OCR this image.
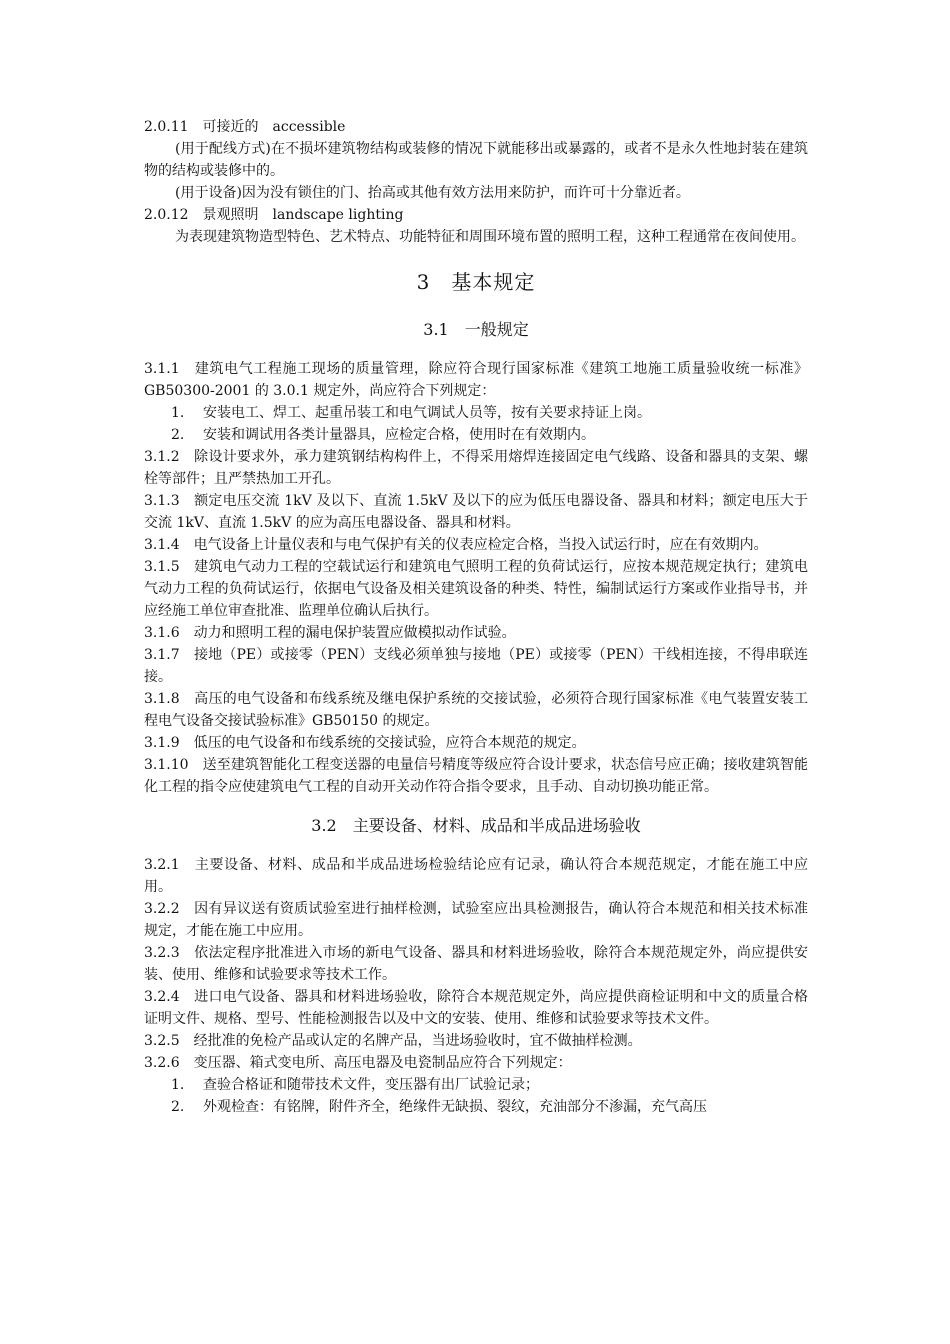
2.0.11　可接近的　accessible

(用于配线方式)在不损坏建筑物结构或装修的情况下就能移出或暴露的，或者不是永久性地封装在建筑物的结构或装修中的。

(用于设备)因为没有锁住的门、抬高或其他有效方法用来防护，而许可十分靠近者。

2.0.12　景观照明　landscape lighting

为表现建筑物造型特色、艺术特点、功能特征和周围环境布置的照明工程，这种工程通常在夜间使用。

3　基本规定
3.1　一般规定

3.1.1　建筑电气工程施工现场的质量管理，除应符合现行国家标准《建筑工地施工质量验收统一标准》GB50300-2001 的 3.0.1 规定外，尚应符合下列规定：

1. 安装电工、焊工、起重吊装工和电气调试人员等，按有关要求持证上岗。

2. 安装和调试用各类计量器具，应检定合格，使用时在有效期内。

3.1.2　除设计要求外，承力建筑钢结构构件上，不得采用熔焊连接固定电气线路、设备和器具的支架、螺栓等部件；且严禁热加工开孔。

3.1.3　额定电压交流 1kV 及以下、直流 1.5kV 及以下的应为低压电器设备、器具和材料；额定电压大于交流 1kV、直流 1.5kV 的应为高压电器设备、器具和材料。

3.1.4　电气设备上计量仪表和与电气保护有关的仪表应检定合格，当投入试运行时，应在有效期内。

3.1.5　建筑电气动力工程的空载试运行和建筑电气照明工程的负荷试运行，应按本规范规定执行；建筑电气动力工程的负荷试运行，依据电气设备及相关建筑设备的种类、特性，编制试运行方案或作业指导书，并应经施工单位审查批准、监理单位确认后执行。

3.1.6　动力和照明工程的漏电保护装置应做模拟动作试验。

3.1.7　接地（PE）或接零（PEN）支线必须单独与接地（PE）或接零（PEN）干线相连接，不得串联连接。

3.1.8　高压的电气设备和布线系统及继电保护系统的交接试验，必须符合现行国家标准《电气装置安装工程电气设备交接试验标准》GB50150 的规定。

3.1.9　低压的电气设备和布线系统的交接试验，应符合本规范的规定。

3.1.10　送至建筑智能化工程变送器的电量信号精度等级应符合设计要求，状态信号应正确；接收建筑智能化工程的指令应使建筑电气工程的自动开关动作符合指令要求，且手动、自动切换功能正常。

3.2　主要设备、材料、成品和半成品进场验收

3.2.1　主要设备、材料、成品和半成品进场检验结论应有记录，确认符合本规范规定，才能在施工中应用。

3.2.2　因有异议送有资质试验室进行抽样检测，试验室应出具检测报告，确认符合本规范和相关技术标准规定，才能在施工中应用。

3.2.3　依法定程序批准进入市场的新电气设备、器具和材料进场验收，除符合本规范规定外，尚应提供安装、使用、维修和试验要求等技术工作。

3.2.4　进口电气设备、器具和材料进场验收，除符合本规范规定外，尚应提供商检证明和中文的质量合格证明文件、规格、型号、性能检测报告以及中文的安装、使用、维修和试验要求等技术文件。

3.2.5　经批准的免检产品或认定的名牌产品，当进场验收时，宜不做抽样检测。

3.2.6　变压器、箱式变电所、高压电器及电瓷制品应符合下列规定：

1. 查验合格证和随带技术文件，变压器有出厂试验记录；

2. 外观检查：有铭牌，附件齐全，绝缘件无缺损、裂纹，充油部分不渗漏，充气高压
